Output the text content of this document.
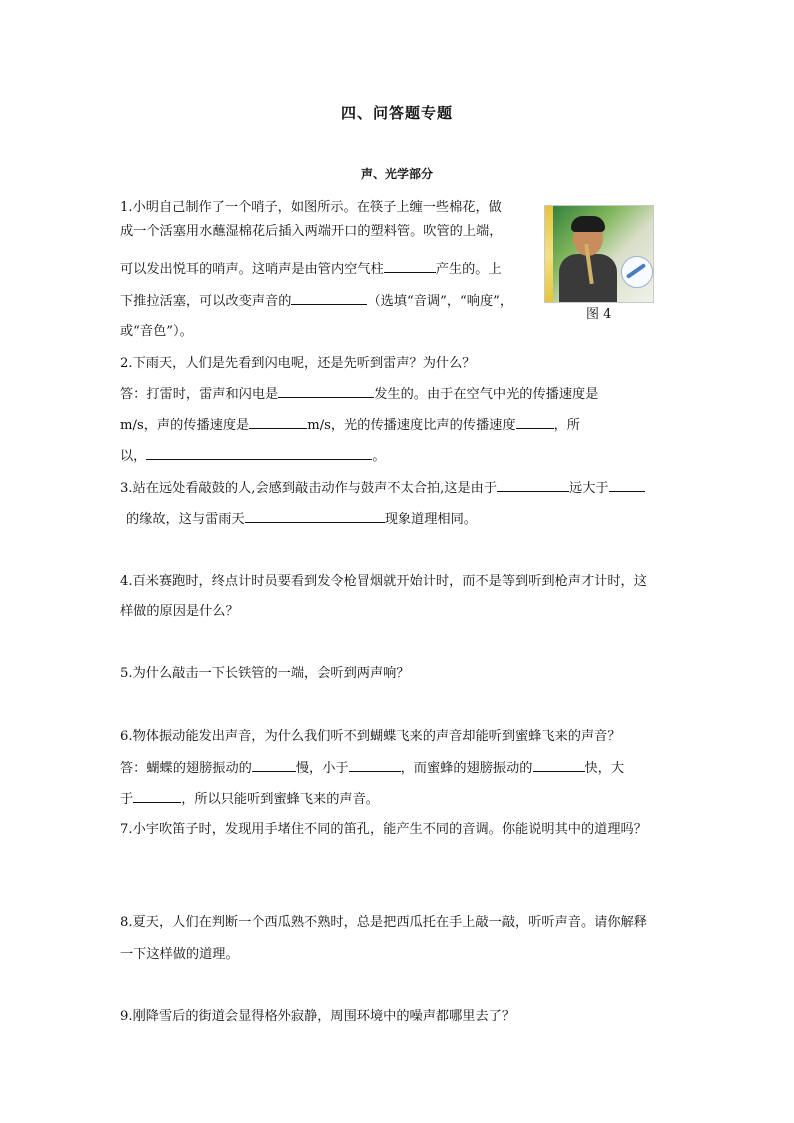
四、问答题专题
声、光学部分
图 4
1.小明自己制作了一个哨子，如图所示。在筷子上缠一些棉花，做
成一个活塞用水蘸湿棉花后插入两端开口的塑料管。吹管的上端，
可以发出悦耳的哨声。这哨声是由管内空气柱	产生的。上
下推拉活塞，可以改变声音的	（选填“音调”，“响度”，
或“音色”）。
2.下雨天，人们是先看到闪电呢，还是先听到雷声？为什么？
答：打雷时，雷声和闪电是	发生的。由于在空气中光的传播速度是
m/s，声的传播速度是	m/s，光的传播速度比声的传播速度	，所
以，	。
3.站在远处看敲鼓的人,会感到敲击动作与鼓声不太合拍,这是由于	远大于
的缘故，这与雷雨天	现象道理相同。
4.百米赛跑时，终点计时员要看到发令枪冒烟就开始计时，而不是等到听到枪声才计时，这
样做的原因是什么？
5.为什么敲击一下长铁管的一端，会听到两声响？
6.物体振动能发出声音，为什么我们听不到蝴蝶飞来的声音却能听到蜜蜂飞来的声音？
答：蝴蝶的翅膀振动的	慢，小于	，而蜜蜂的翅膀振动的	快，大
于	，所以只能听到蜜蜂飞来的声音。
7.小宇吹笛子时，发现用手堵住不同的笛孔，能产生不同的音调。你能说明其中的道理吗？
8.夏天，人们在判断一个西瓜熟不熟时，总是把西瓜托在手上敲一敲，听听声音。请你解释
一下这样做的道理。
9.刚降雪后的街道会显得格外寂静，周围环境中的噪声都哪里去了？
